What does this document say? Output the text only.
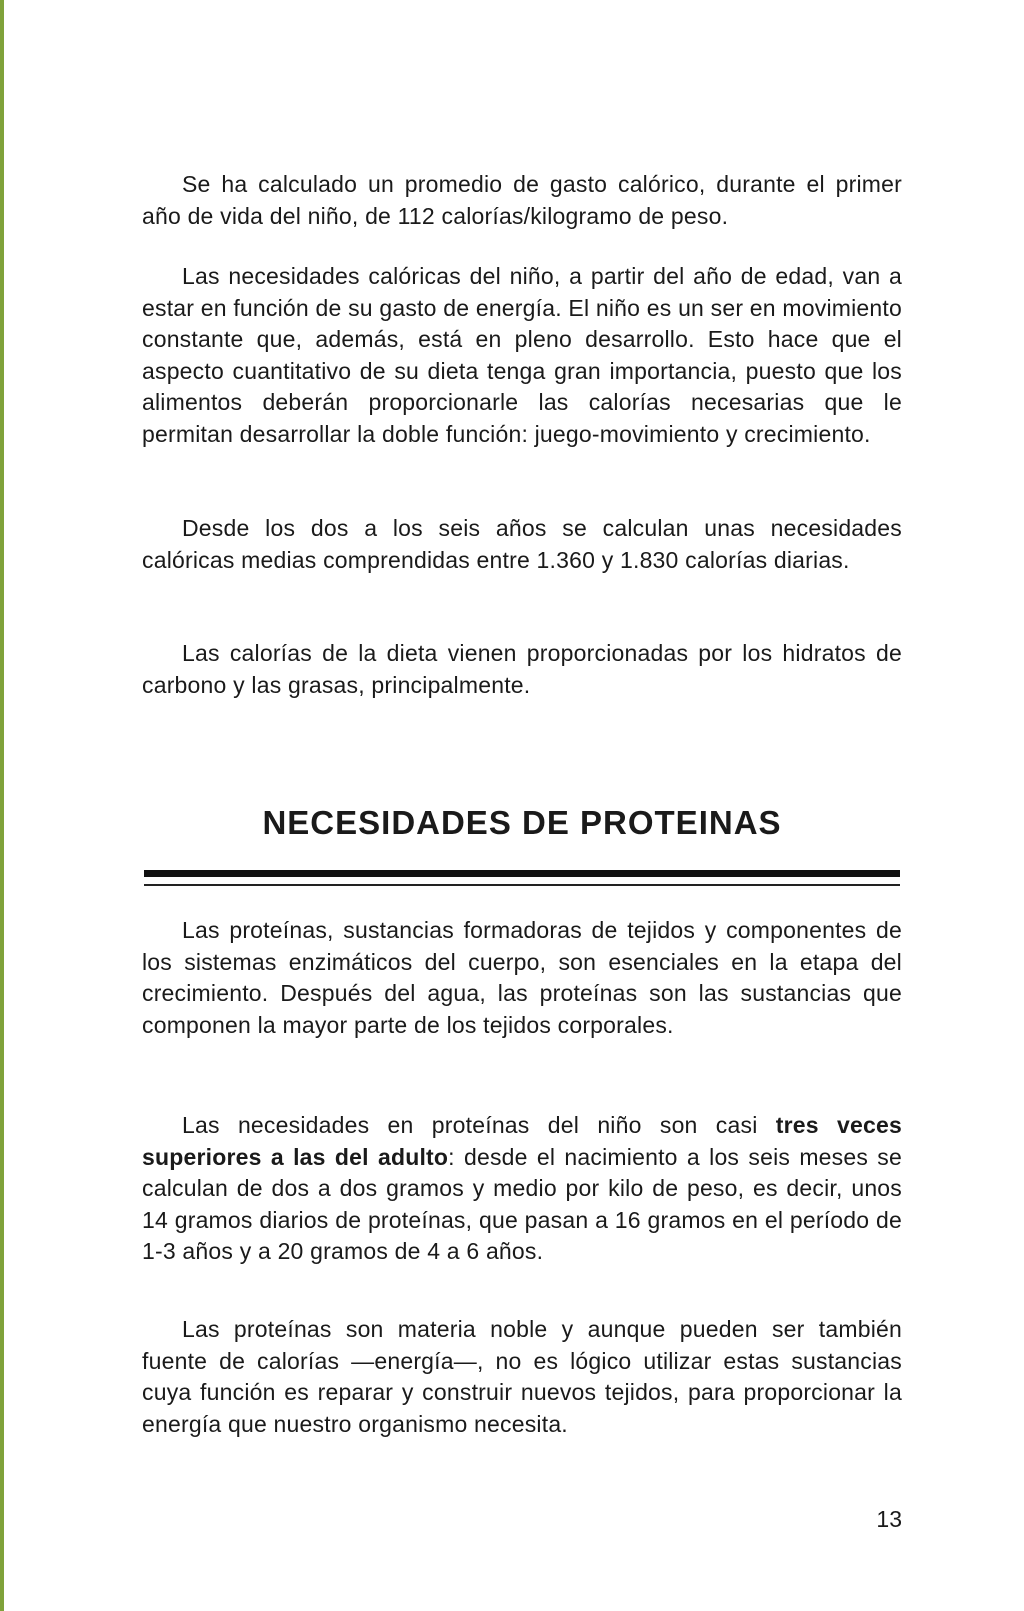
Se ha calculado un promedio de gasto calórico, durante el primer año de vida del niño, de 112 calorías/kilogramo de peso.

Las necesidades calóricas del niño, a partir del año de edad, van a estar en función de su gasto de energía. El niño es un ser en movimiento constante que, además, está en pleno desarrollo. Esto hace que el aspecto cuantitativo de su dieta tenga gran importancia, puesto que los alimentos deberán proporcionarle las calorías necesarias que le permitan desarrollar la doble función: juego-movimiento y crecimiento.

Desde los dos a los seis años se calculan unas necesidades calóricas medias comprendidas entre 1.360 y 1.830 calorías diarias.

Las calorías de la dieta vienen proporcionadas por los hidratos de carbono y las grasas, principalmente.

NECESIDADES DE PROTEINAS

Las proteínas, sustancias formadoras de tejidos y componentes de los sistemas enzimáticos del cuerpo, son esenciales en la etapa del crecimiento. Después del agua, las proteínas son las sustancias que componen la mayor parte de los tejidos corporales.

Las necesidades en proteínas del niño son casi tres veces superiores a las del adulto: desde el nacimiento a los seis meses se calculan de dos a dos gramos y medio por kilo de peso, es decir, unos 14 gramos diarios de proteínas, que pasan a 16 gramos en el período de 1-3 años y a 20 gramos de 4 a 6 años.

Las proteínas son materia noble y aunque pueden ser también fuente de calorías —energía—, no es lógico utilizar estas sustancias cuya función es reparar y construir nuevos tejidos, para proporcionar la energía que nuestro organismo necesita.

13
